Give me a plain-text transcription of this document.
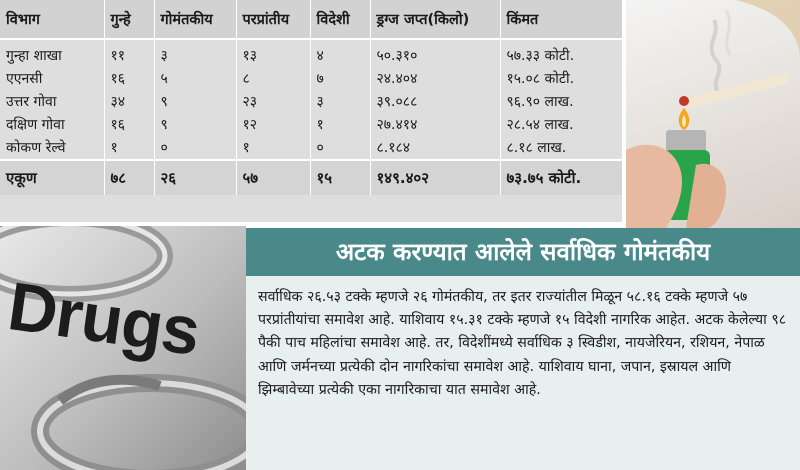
विभाग	गुन्हे	गोमंतकीय	परप्रांतीय	विदेशी	ड्रग्ज जप्त(किलो)	किंमत
गुन्हा शाखा	११	३	१३	४	५०.३१०	५७.३३ कोटी.
एएनसी	१६	५	८	७	२४.४०४	१५.०८ कोटी.
उत्तर गोवा	३४	९	२३	३	३९.०८८	९६.९० लाख.
दक्षिण गोवा	१६	९	१२	१	२७.४१४	२८.५४ लाख.
कोकण रेल्वे	१	०	१	०	८.१८४	८.१८ लाख.
एकूण	७८	२६	५७	१५	१४९.४०२	७३.७५ कोटी.
Drugs
अटक करण्यात आलेले सर्वाधिक गोमंतकीय

सर्वाधिक २६.५३ टक्के म्हणजे २६ गोमंतकीय, तर इतर राज्यांतील मिळून ५८.१६ टक्के म्हणजे ५७ परप्रांतीयांचा समावेश आहे. याशिवाय १५.३१ टक्के म्हणजे १५ विदेशी नागरिक आहेत. अटक केलेल्या ९८ पैकी पाच महिलांचा समावेश आहे. तर, विदेशींमध्ये सर्वाधिक ३ स्विडीश, नायजेरियन, रशियन, नेपाळ आणि जर्मनच्या प्रत्येकी दोन नागरिकांचा समावेश आहे. याशिवाय घाना, जपान, इस्रायल आणि झिम्बावेच्या प्रत्येकी एका नागरिकाचा यात समावेश आहे.
